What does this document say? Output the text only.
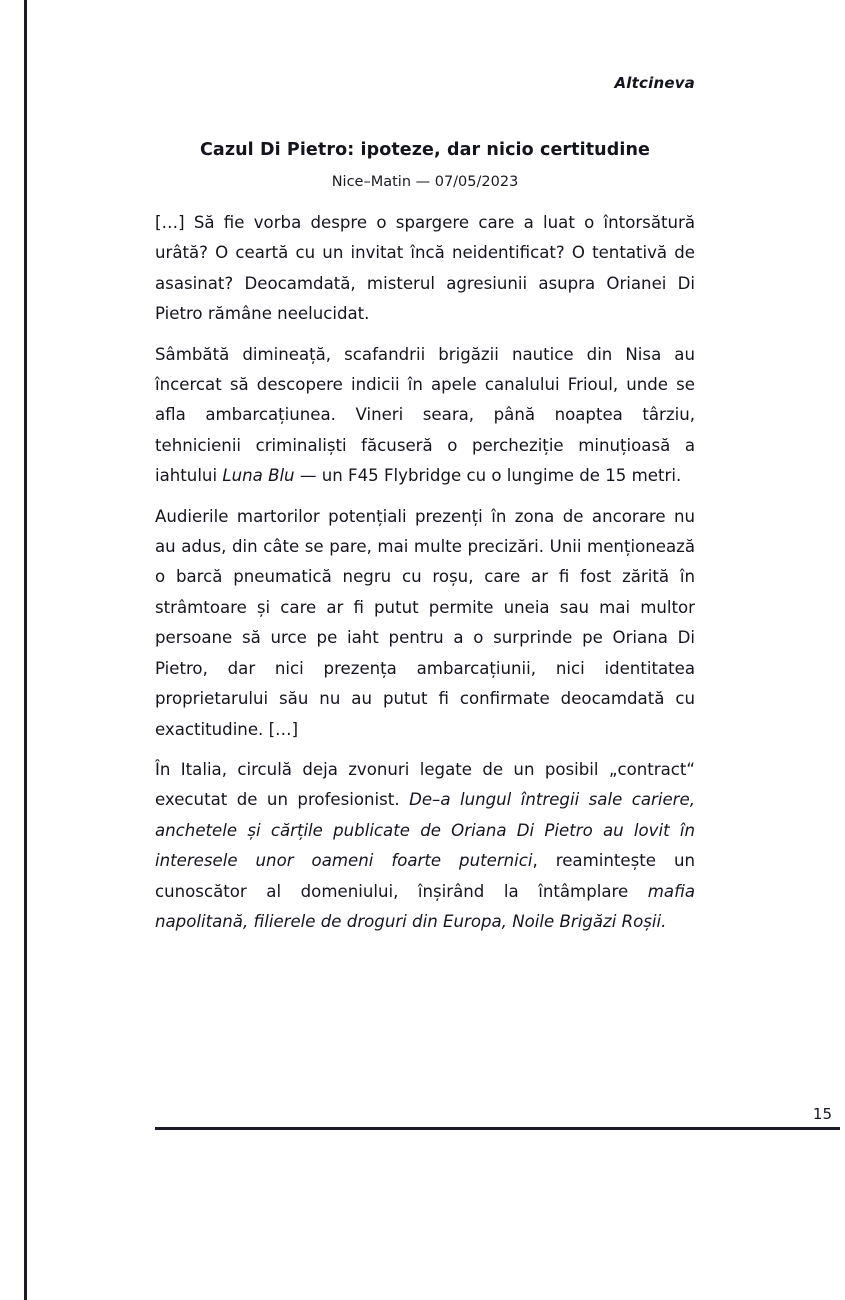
Altcineva
Cazul Di Pietro: ipoteze, dar nicio certitudine
Nice–Matin — 07/05/2023

[…] Să fie vorba despre o spargere care a luat o întorsătură urâtă? O ceartă cu un invitat încă neidentificat? O tentativă de asasinat? Deocamdată, misterul agresiunii asupra Orianei Di Pietro rămâne neelucidat.

Sâmbătă dimineață, scafandrii brigăzii nautice din Nisa au încercat să descopere indicii în apele canalului Frioul, unde se afla ambarcațiunea. Vineri seara, până noaptea târziu, tehnicienii criminaliști făcuseră o percheziție minuțioasă a iahtului Luna Blu — un F45 Flybridge cu o lungime de 15 metri.

Audierile martorilor potențiali prezenți în zona de ancorare nu au adus, din câte se pare, mai multe precizări. Unii menționează o barcă pneumatică negru cu roșu, care ar fi fost zărită în strâmtoare și care ar fi putut permite uneia sau mai multor persoane să urce pe iaht pentru a o surprinde pe Oriana Di Pietro, dar nici prezența ambarcațiunii, nici identitatea proprietarului său nu au putut fi confirmate deocamdată cu exactitudine. […]

În Italia, circulă deja zvonuri legate de un posibil „contract“ executat de un profesionist. De–a lungul întregii sale cariere, anchetele și cărțile publicate de Oriana Di Pietro au lovit în interesele unor oameni foarte puternici, reamintește un cunoscător al domeniului, înșirând la întâmplare mafia napolitană, filierele de droguri din Europa, Noile Brigăzi Roșii.

15
